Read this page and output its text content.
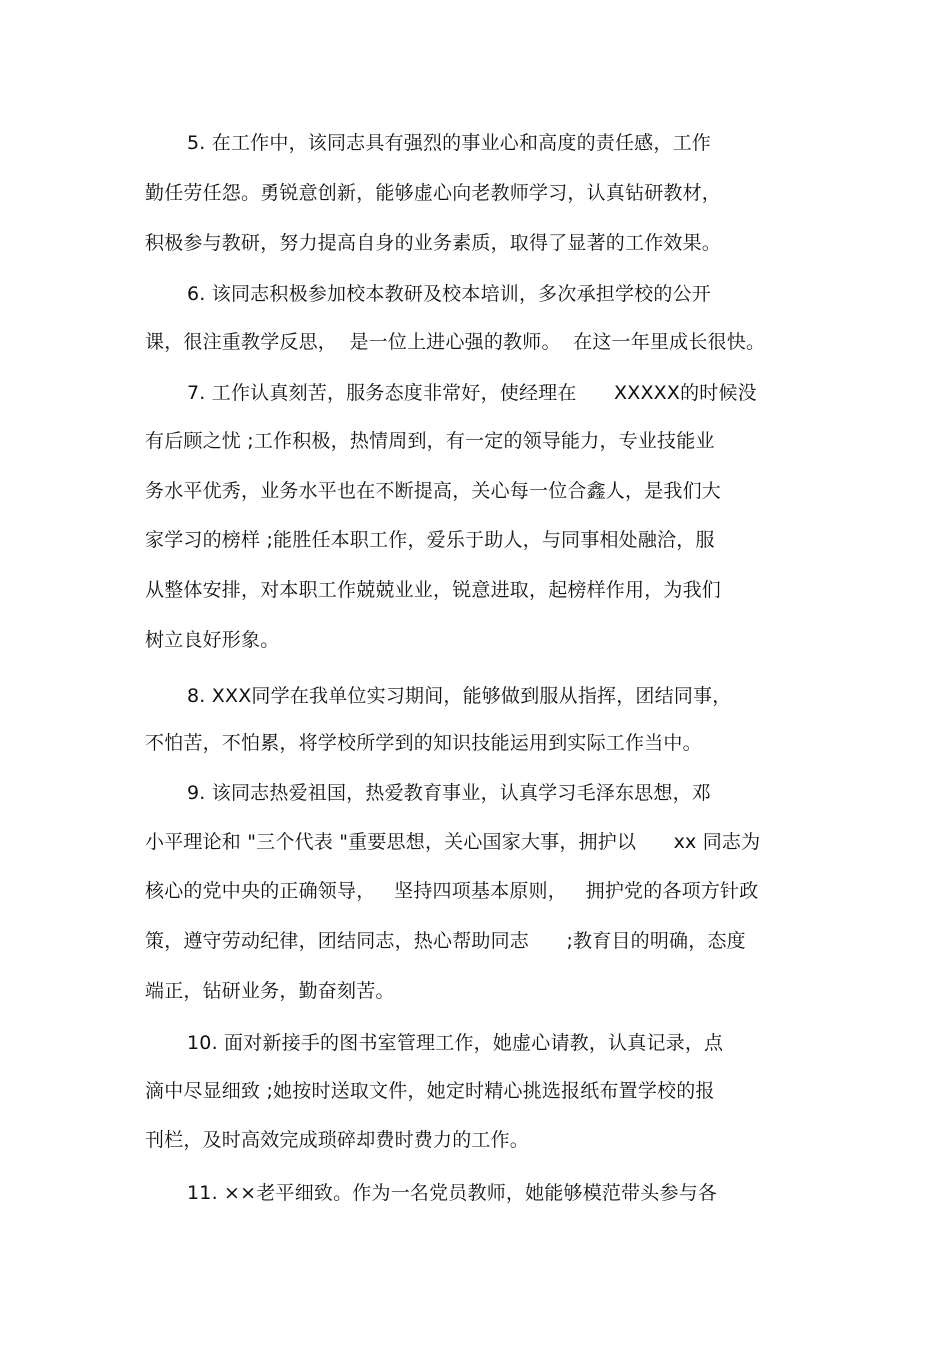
5. 在工作中，该同志具有强烈的事业心和高度的责任感，工作

勤任劳任怨。勇锐意创新，能够虚心向老教师学习，认真钻研教材，

积极参与教研，努力提高自身的业务素质，取得了显著的工作效果。

6. 该同志积极参加校本教研及校本培训，多次承担学校的公开

课，很注重教学反思，  是一位上进心强的教师。  在这一年里成长很快。

7. 工作认真刻苦，服务态度非常好，使经理在      XXXXX的时候没

有后顾之忧 ;工作积极，热情周到，有一定的领导能力，专业技能业

务水平优秀，业务水平也在不断提高，关心每一位合鑫人，是我们大

家学习的榜样 ;能胜任本职工作，爱乐于助人，与同事相处融洽，服

从整体安排，对本职工作兢兢业业，锐意进取，起榜样作用，为我们

树立良好形象。

8. XXX同学在我单位实习期间，能够做到服从指挥，团结同事，

不怕苦，不怕累，将学校所学到的知识技能运用到实际工作当中。

9. 该同志热爱祖国，热爱教育事业，认真学习毛泽东思想，邓

小平理论和 "三个代表 "重要思想，关心国家大事，拥护以      xx 同志为

核心的党中央的正确领导，   坚持四项基本原则，   拥护党的各项方针政

策，遵守劳动纪律，团结同志，热心帮助同志      ;教育目的明确，态度

端正，钻研业务，勤奋刻苦。

10. 面对新接手的图书室管理工作，她虚心请教，认真记录，点

滴中尽显细致 ;她按时送取文件，她定时精心挑选报纸布置学校的报

刊栏，及时高效完成琐碎却费时费力的工作。

11. ××老平细致。作为一名党员教师，她能够模范带头参与各
